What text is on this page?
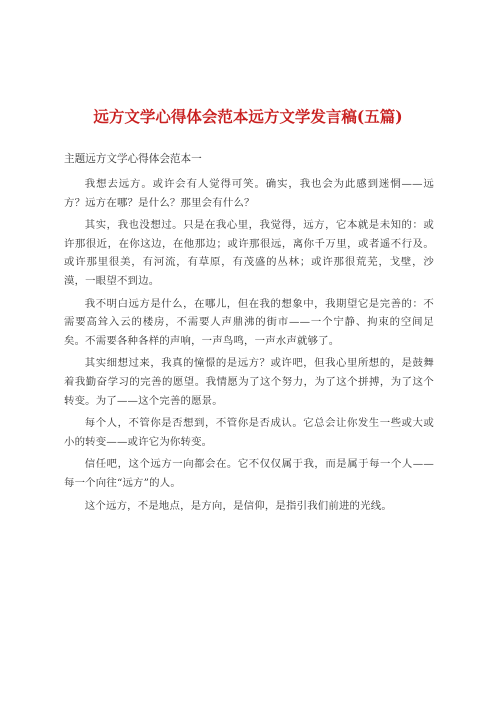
远方文学心得体会范本远方文学发言稿(五篇)
主题远方文学心得体会范本一

我想去远方。或许会有人觉得可笑。确实，我也会为此感到迷惘——远方？远方在哪？是什么？那里会有什么？

其实，我也没想过。只是在我心里，我觉得，远方，它本就是未知的：或许那很近，在你这边，在他那边；或许那很远，离你千万里，或者遥不行及。或许那里很美，有河流，有草原，有茂盛的丛林；或许那很荒芜，戈壁，沙漠，一眼望不到边。

我不明白远方是什么，在哪儿，但在我的想象中，我期望它是完善的：不需要高耸入云的楼房，不需要人声鼎沸的街市——一个宁静、拘束的空间足矣。不需要各种各样的声响，一声鸟鸣，一声水声就够了。

其实细想过来，我真的憧憬的是远方？或许吧，但我心里所想的，是鼓舞着我勤奋学习的完善的愿望。我情愿为了这个努力，为了这个拼搏，为了这个转变。为了——这个完善的愿景。

每个人，不管你是否想到，不管你是否成认。它总会让你发生一些或大或小的转变——或许它为你转变。

信任吧，这个远方一向都会在。它不仅仅属于我，而是属于每一个人——每一个向往“远方”的人。

这个远方，不是地点，是方向，是信仰，是指引我们前进的光线。
